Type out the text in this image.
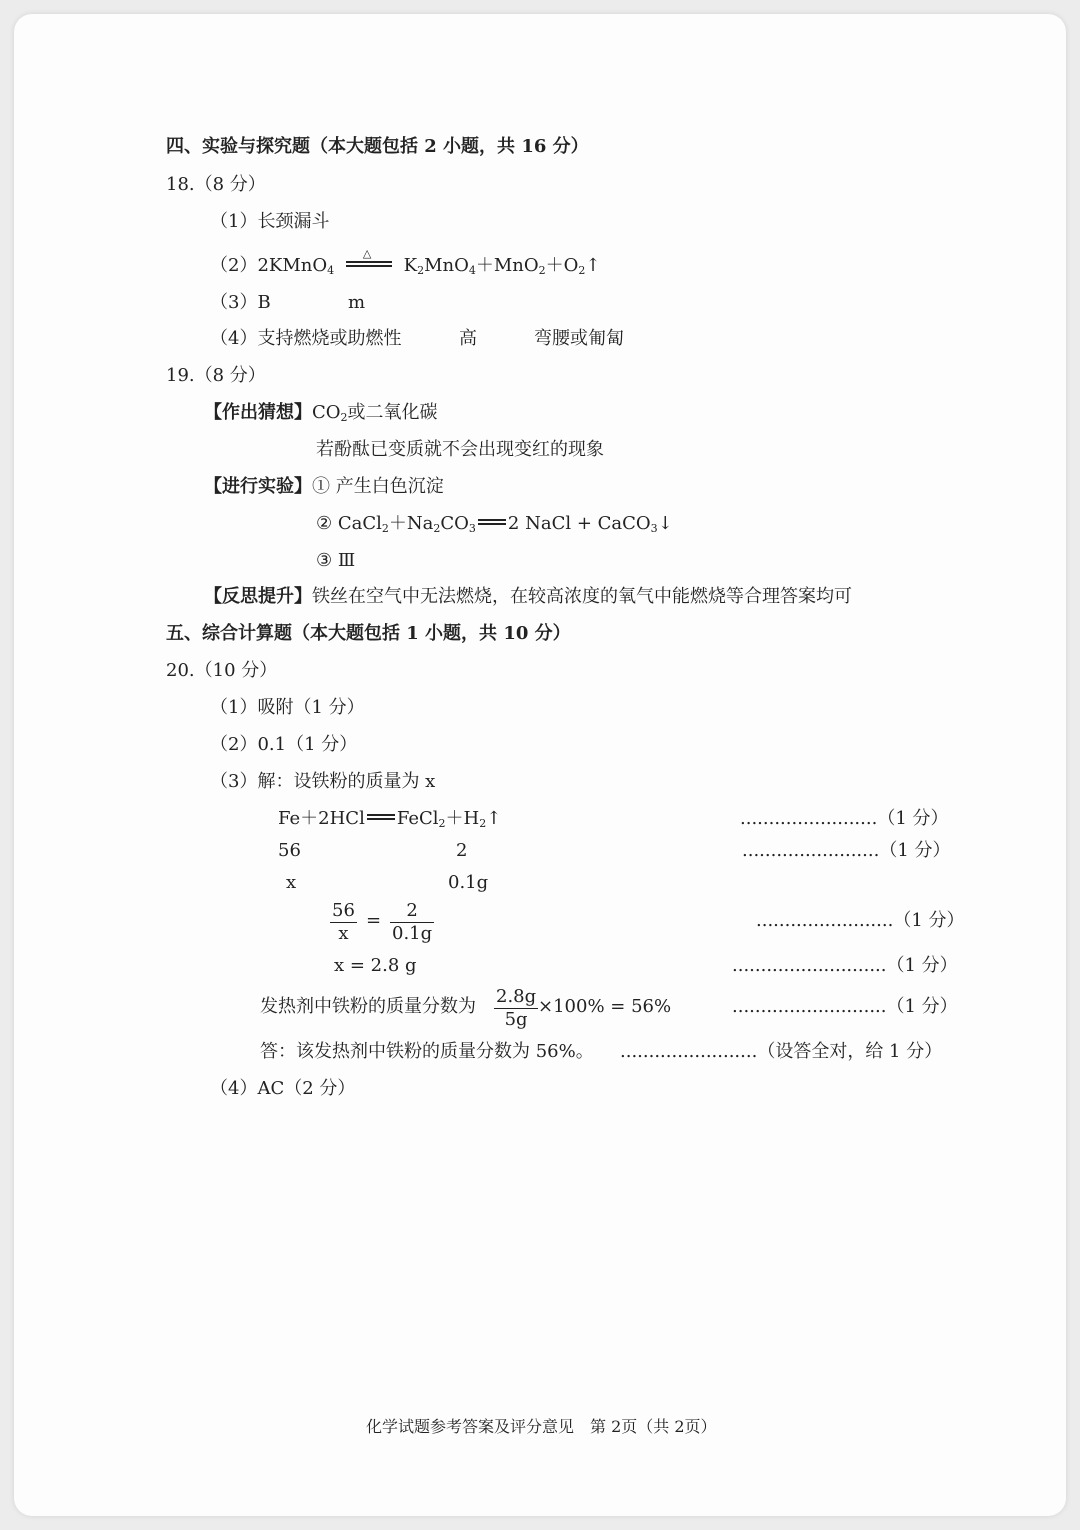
四、实验与探究题（本大题包括 2 小题，共 16 分）
18.（8 分）
（1）长颈漏斗
（2）2KMnO$_4$
△
$K_2MnO_4+MnO_2+O_2↑$
（3）B	m
（4）支持燃烧或助燃性	高	弯腰或匍匐
19.（8 分）
【作出猜想】$CO_2$或二氧化碳
若酚酞已变质就不会出现变红的现象
【进行实验】① 产生白色沉淀
② $CaCl_2+Na_2CO_3$ 2 NaCl + CaCO$_3$↓
③ Ⅲ
【反思提升】铁丝在空气中无法燃烧，在较高浓度的氧气中能燃烧等合理答案均可
五、综合计算题（本大题包括 1 小题，共 10 分）
20.（10 分）
（1）吸附（1 分）
（2）0.1（1 分）
（3）解：设铁粉的质量为 x
Fe＋2HCl $FeCl_2+H_2↑$	........................（1 分）
56	2	........................（1 分）
x	0.1g
$\frac{56}{x} = \frac{2}{0.1g}$	........................（1 分）
x = 2.8 g	...........................（1 分）
发热剂中铁粉的质量分数为 $\frac{2.8g}{5g} \times 100\% = 56\%$	...........................（1 分）
答：该发热剂中铁粉的质量分数为 56%。 ........................（设答全对，给 1 分）
（4）AC（2 分）
化学试题参考答案及评分意见　第 2页（共 2页）
